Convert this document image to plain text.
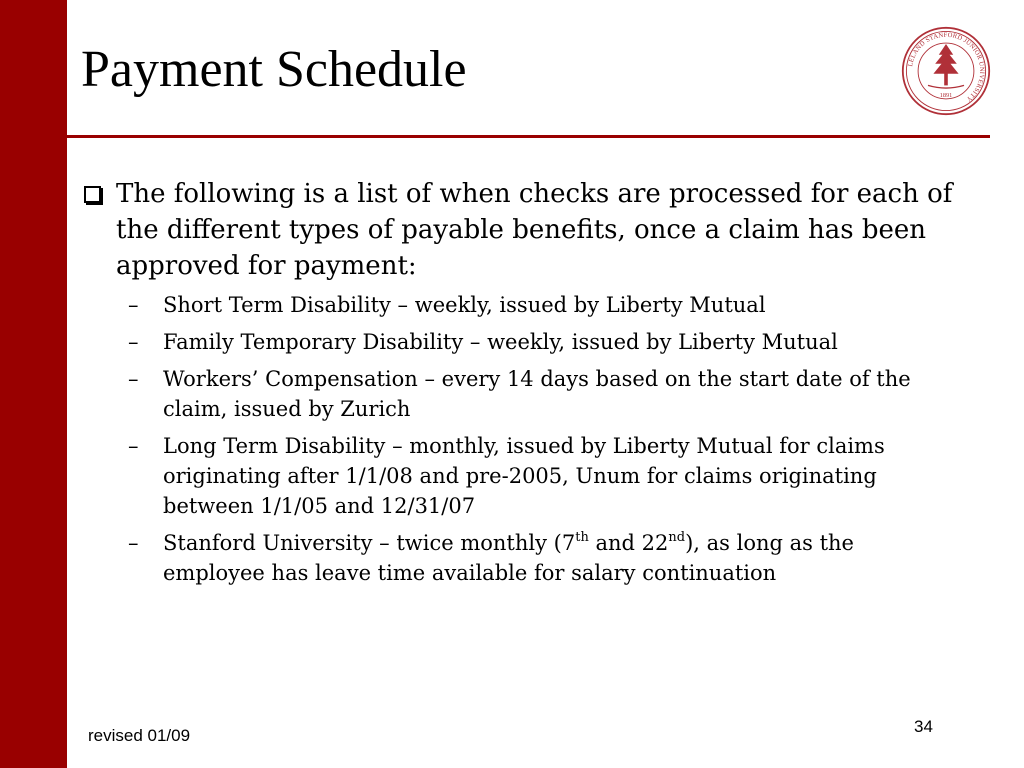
Payment Schedule	LELAND STANFORD JUNIOR UNIVERSITY
1891
The following is a list of when checks are processed for each of the different types of payable benefits, once a claim has been approved for payment:
– Short Term Disability – weekly, issued by Liberty Mutual
– Family Temporary Disability – weekly, issued by Liberty Mutual
– Workers’ Compensation – every 14 days based on the start date of the claim, issued by Zurich
– Long Term Disability – monthly, issued by Liberty Mutual for claims originating after 1/1/08 and pre-2005, Unum for claims originating between 1/1/05 and 12/31/07
– Stanford University – twice monthly (7th and 22nd), as long as the employee has leave time available for salary continuation
revised 01/09	34
